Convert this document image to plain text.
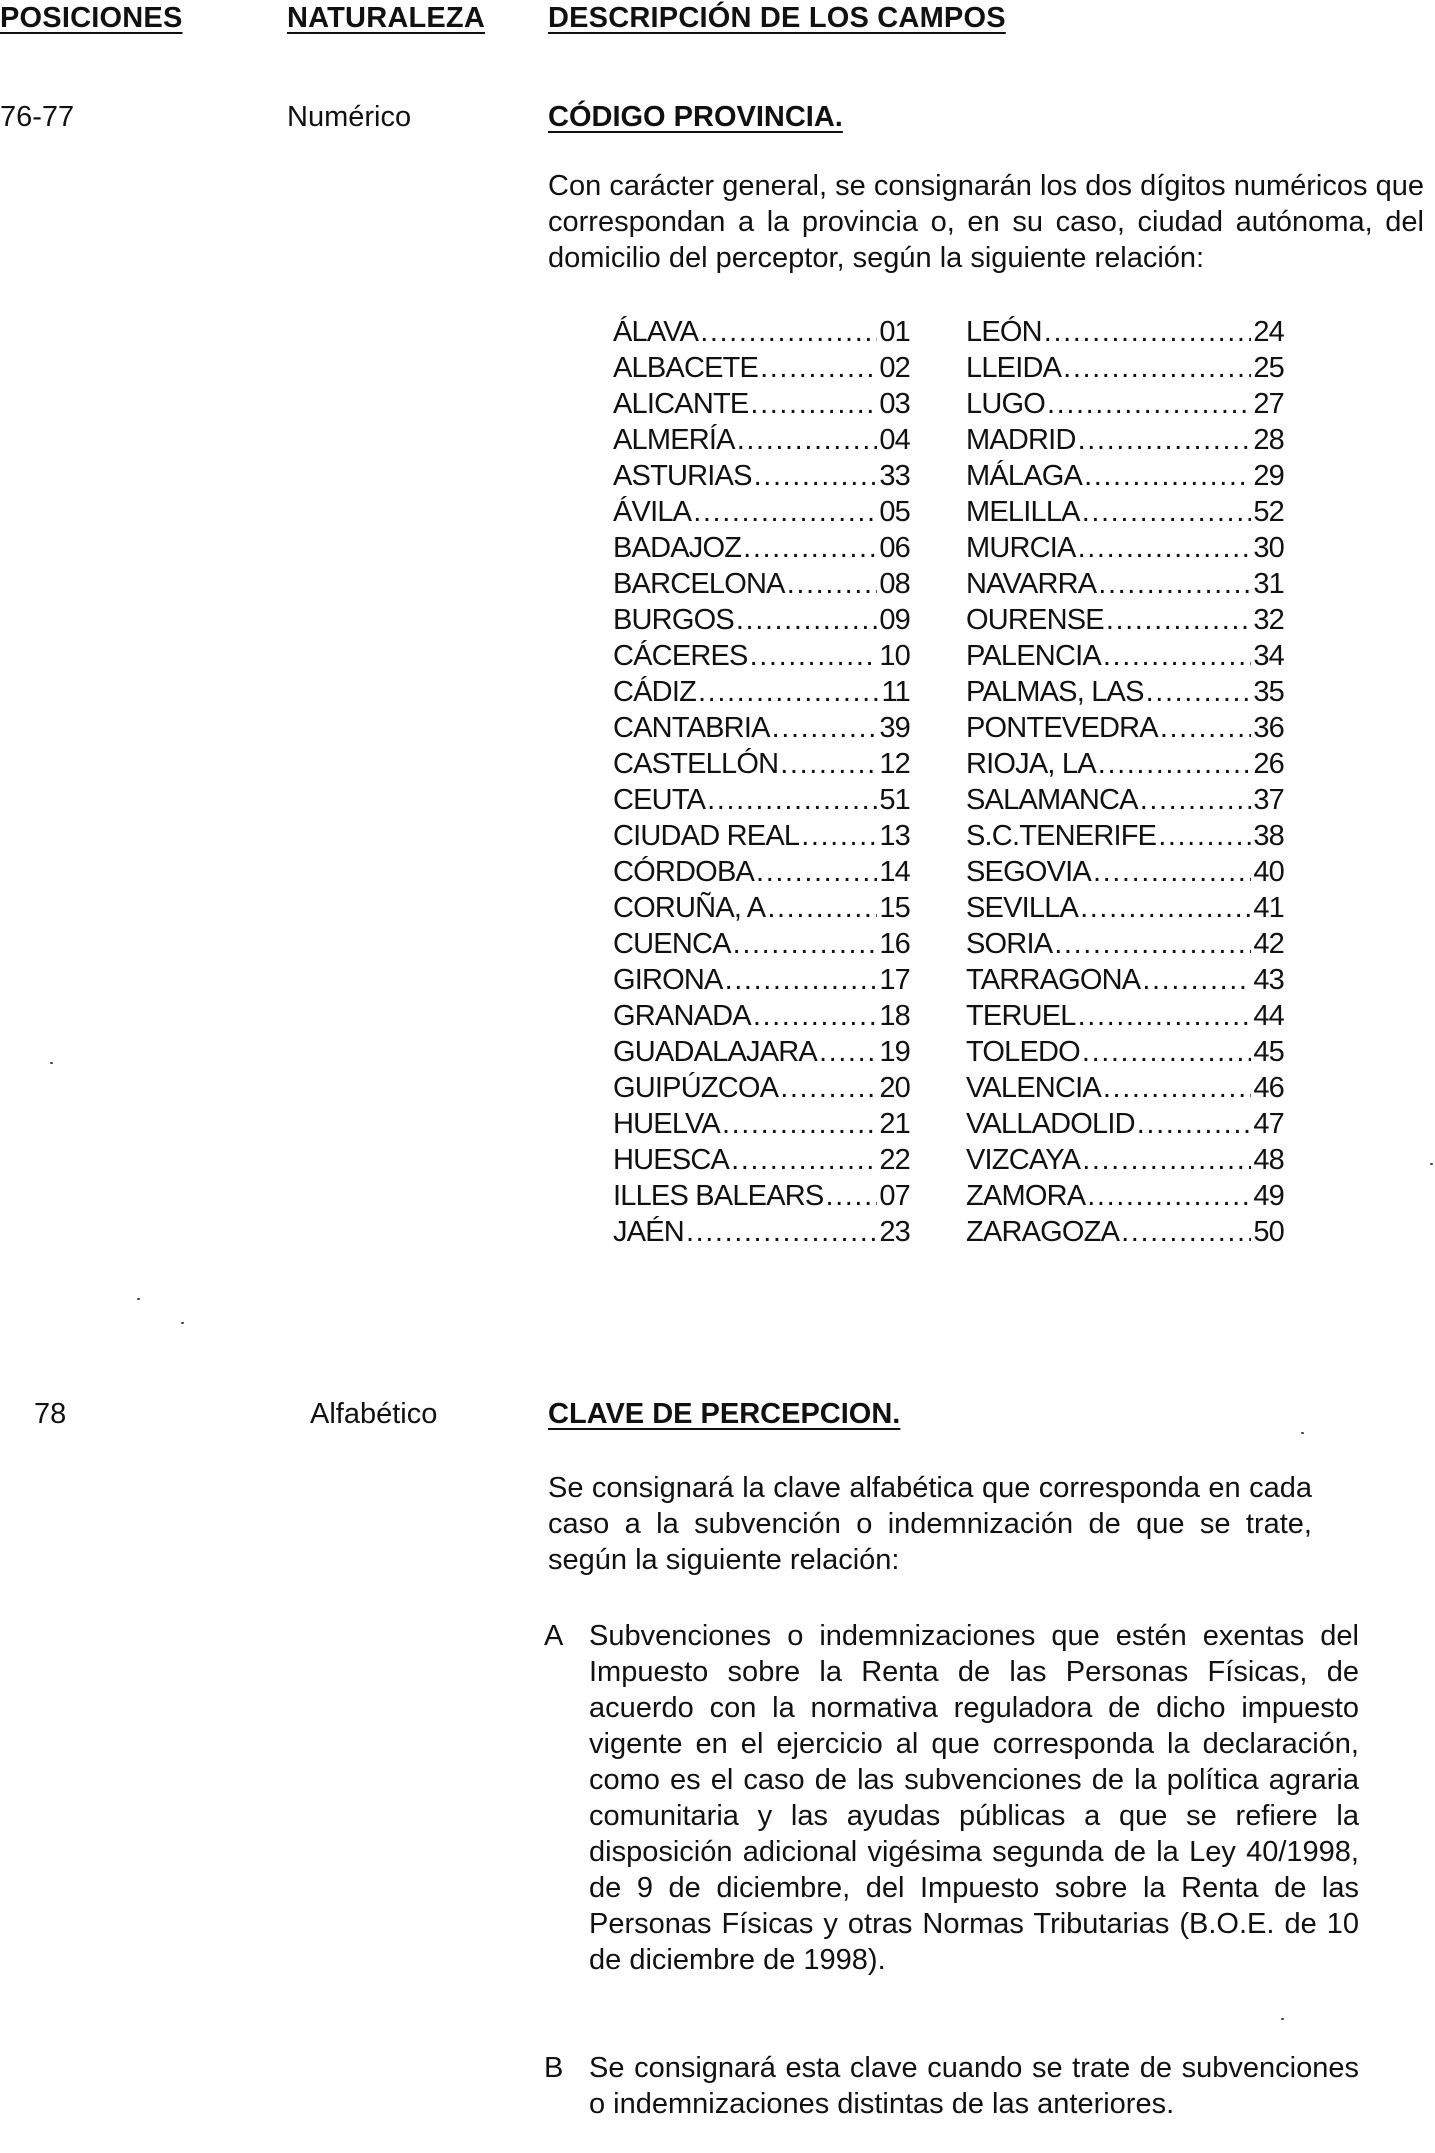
POSICIONES	NATURALEZA DESCRIPCIÓN DE LOS CAMPOS
76-77	Numérico	CÓDIGO PROVINCIA.

Con carácter general, se consignarán los dos dígitos numéricos que correspondan a la provincia o, en su caso, ciudad autónoma, del domicilio del perceptor, según la siguiente relación:

ÁLAVA .....	01
ALBACETE .....	02
ALICANTE .....	03
ALMERÍA .....	04
ASTURIAS .....	33
ÁVILA .....	05
BADAJOZ .....	06
BARCELONA .....	08
BURGOS .....	09
CÁCERES .....	10
CÁDIZ .....	11
CANTABRIA .....	39
CASTELLÓN .....	12
CEUTA .....	51
CIUDAD REAL .....	13
CÓRDOBA .....	14
CORUÑA, A .....	15
CUENCA .....	16
GIRONA .....	17
GRANADA .....	18
GUADALAJARA ..... 19
GUIPÚZCOA .....	20
HUELVA .....	21
HUESCA .....	22
ILLES BALEARS ..... 07
JAÉN .....	23
LEÓN .....	24
LLEIDA .....	25
LUGO .....	27
MADRID .....	28
MÁLAGA .....	29
MELILLA .....	52
MURCIA .....	30
NAVARRA .....	31
OURENSE .....	32
PALENCIA .....	34
PALMAS, LAS .....	35
PONTEVEDRA .....	36
RIOJA, LA .....	26
SALAMANCA .....	37
S.C.TENERIFE .....	38
SEGOVIA .....	40
SEVILLA .....	41
SORIA .....	42
TARRAGONA .....	43
TERUEL .....	44
TOLEDO .....	45
VALENCIA .....	46
VALLADOLID .....	47
VIZCAYA .....	48
ZAMORA .....	49
ZARAGOZA .....	50
78	Alfabético	CLAVE DE PERCEPCION.

Se consignará la clave alfabética que corresponda en cada caso a la subvención o indemnización de que se trate, según la siguiente relación:

A Subvenciones o indemnizaciones que estén exentas del Impuesto sobre la Renta de las Personas Físicas, de acuerdo con la normativa reguladora de dicho impuesto vigente en el ejercicio al que corresponda la declaración, como es el caso de las subvenciones de la política agraria comunitaria y las ayudas públicas a que se refiere la disposición adicional vigésima segunda de la Ley 40/1998, de 9 de diciembre, del Impuesto sobre la Renta de las Personas Físicas y otras Normas Tributarias (B.O.E. de 10 de diciembre de 1998).

B Se consignará esta clave cuando se trate de subvenciones o indemnizaciones distintas de las anteriores.
